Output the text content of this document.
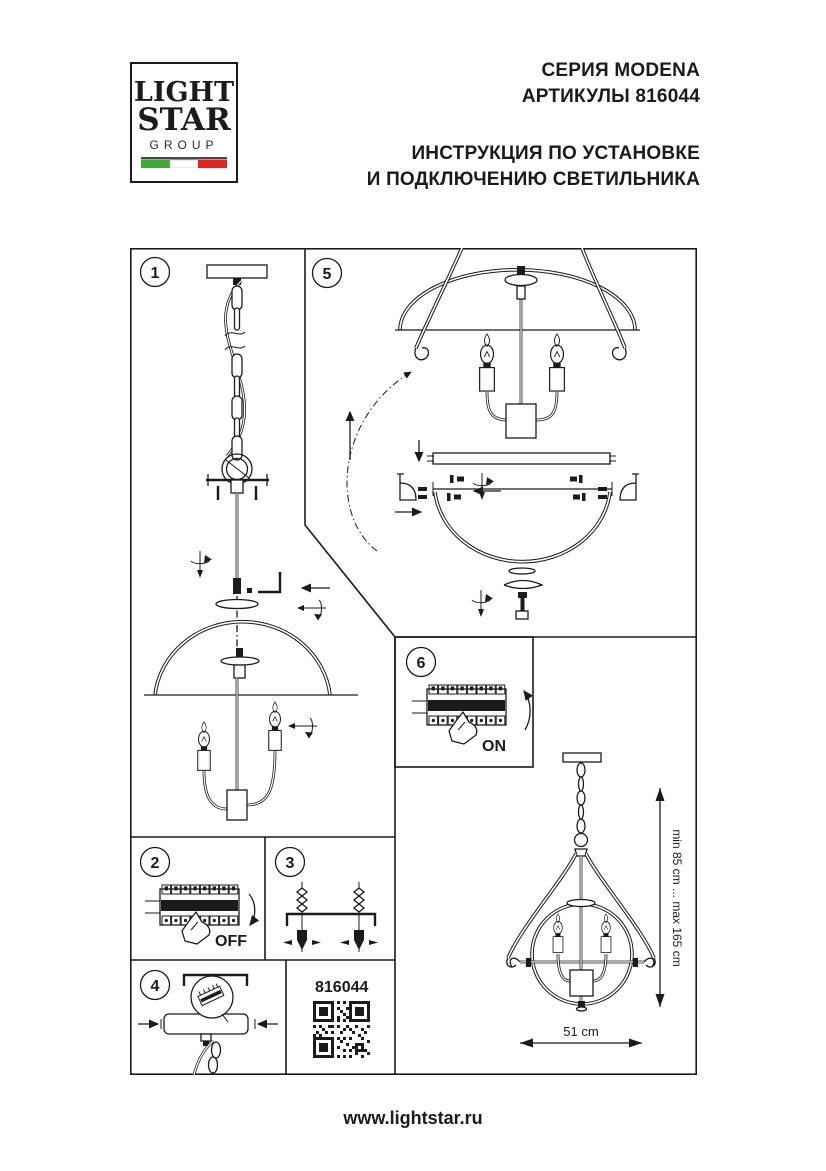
LIGHT
STAR
GROUP
СЕРИЯ MODENA
АРТИКУЛЫ 816044
ИНСТРУКЦИЯ ПО УСТАНОВКЕ
И ПОДКЛЮЧЕНИЮ СВЕТИЛЬНИКА
1	5
6
ON
2
OFF
3
4	816044
min 85 cm ... max 165 cm
51 cm
www.lightstar.ru
